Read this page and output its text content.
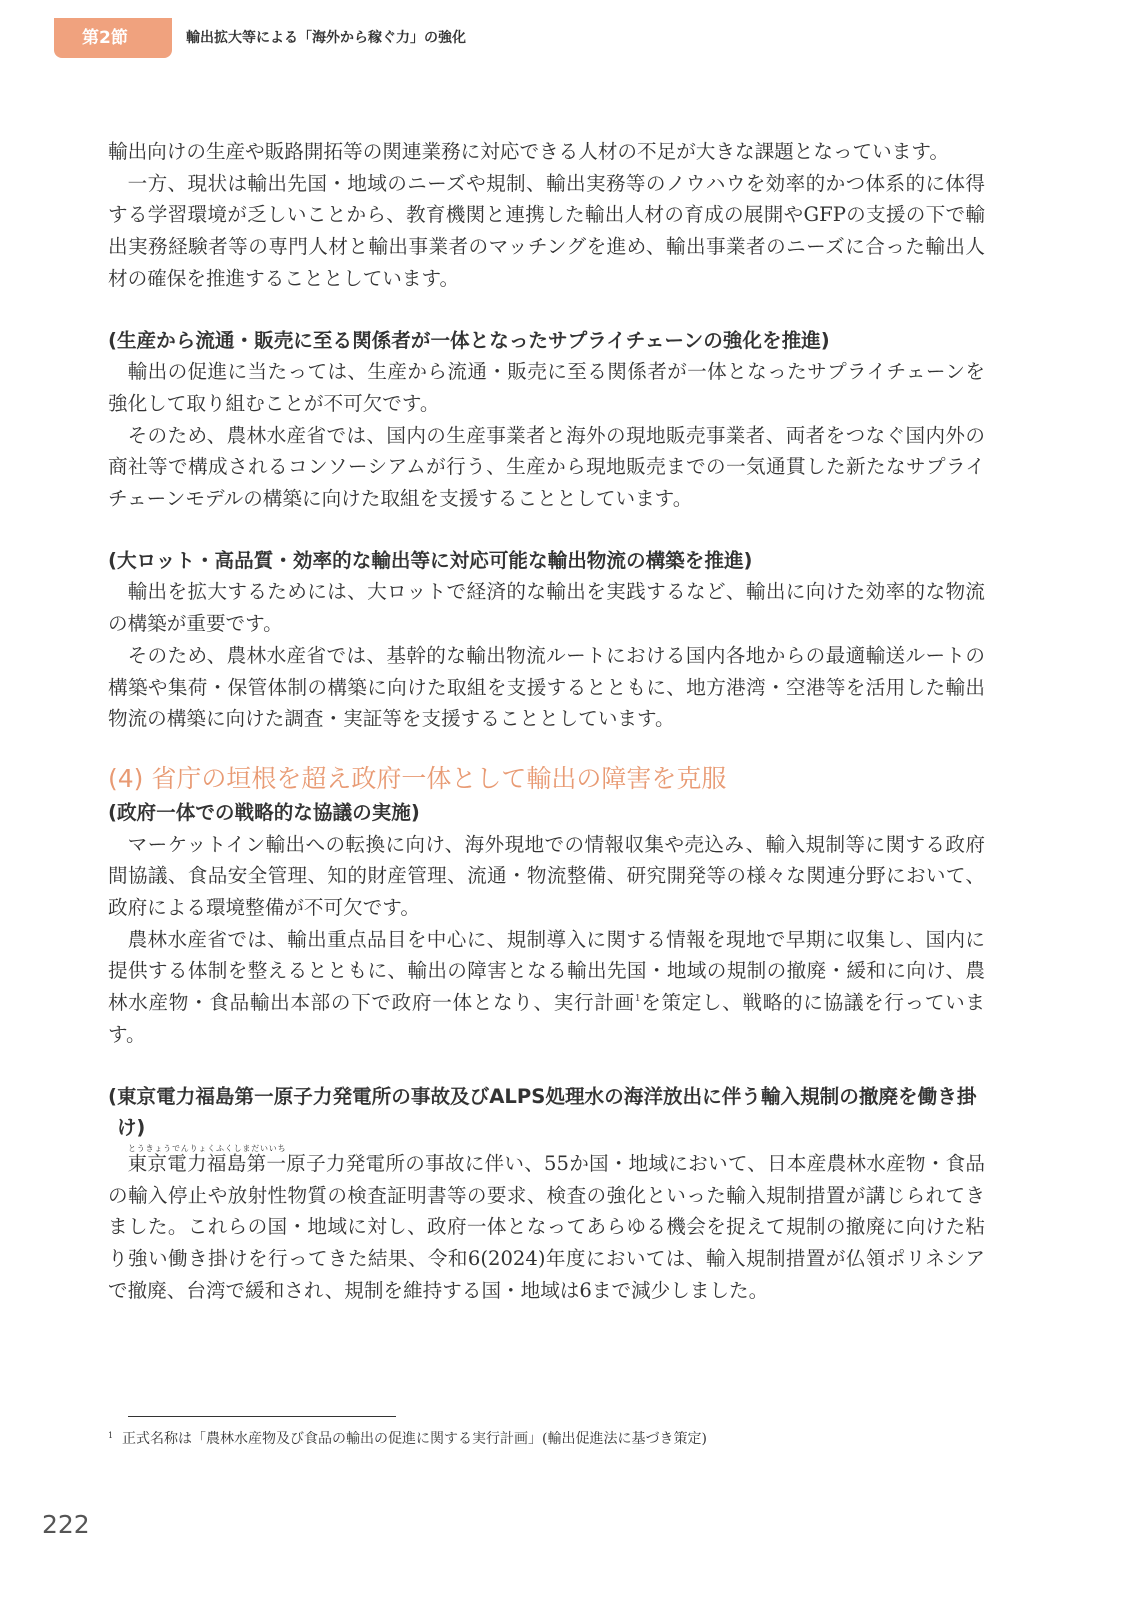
第2節	輸出拡大等による「海外から稼ぐ力」の強化

輸出向けの生産や販路開拓等の関連業務に対応できる人材の不足が大きな課題となっています。

一方、現状は輸出先国・地域のニーズや規制、輸出実務等のノウハウを効率的かつ体系的に体得する学習環境が乏しいことから、教育機関と連携した輸出人材の育成の展開やGFPの支援の下で輸出実務経験者等の専門人材と輸出事業者のマッチングを進め、輸出事業者のニーズに合った輸出人材の確保を推進することとしています。

(生産から流通・販売に至る関係者が一体となったサプライチェーンの強化を推進)

輸出の促進に当たっては、生産から流通・販売に至る関係者が一体となったサプライチェーンを強化して取り組むことが不可欠です。

そのため、農林水産省では、国内の生産事業者と海外の現地販売事業者、両者をつなぐ国内外の商社等で構成されるコンソーシアムが行う、生産から現地販売までの一気通貫した新たなサプライチェーンモデルの構築に向けた取組を支援することとしています。

(大ロット・高品質・効率的な輸出等に対応可能な輸出物流の構築を推進)

輸出を拡大するためには、大ロットで経済的な輸出を実践するなど、輸出に向けた効率的な物流の構築が重要です。

そのため、農林水産省では、基幹的な輸出物流ルートにおける国内各地からの最適輸送ルートの構築や集荷・保管体制の構築に向けた取組を支援するとともに、地方港湾・空港等を活用した輸出物流の構築に向けた調査・実証等を支援することとしています。

(4) 省庁の垣根を超え政府一体として輸出の障害を克服

(政府一体での戦略的な協議の実施)

マーケットイン輸出への転換に向け、海外現地での情報収集や売込み、輸入規制等に関する政府間協議、食品安全管理、知的財産管理、流通・物流整備、研究開発等の様々な関連分野において、政府による環境整備が不可欠です。

農林水産省では、輸出重点品目を中心に、規制導入に関する情報を現地で早期に収集し、国内に提供する体制を整えるとともに、輸出の障害となる輸出先国・地域の規制の撤廃・緩和に向け、農林水産物・食品輸出本部の下で政府一体となり、実行計画$^1$を策定し、戦略的に協議を行っています。

(東京電力福島第一原子力発電所の事故及びALPS処理水の海洋放出に伴う輸入規制の撤廃を働き掛け)

東京電力福島第一とうきょうでんりょくふくしまだいいち原子力発電所の事故に伴い、55か国・地域において、日本産農林水産物・食品の輸入停止や放射性物質の検査証明書等の要求、検査の強化といった輸入規制措置が講じられてきました。これらの国・地域に対し、政府一体となってあらゆる機会を捉えて規制の撤廃に向けた粘り強い働き掛けを行ってきた結果、令和6(2024)年度においては、輸入規制措置が仏領ポリネシアで撤廃、台湾で緩和され、規制を維持する国・地域は6まで減少しました。

$^1$ 正式名称は「農林水産物及び食品の輸出の促進に関する実行計画」(輸出促進法に基づき策定)
222
